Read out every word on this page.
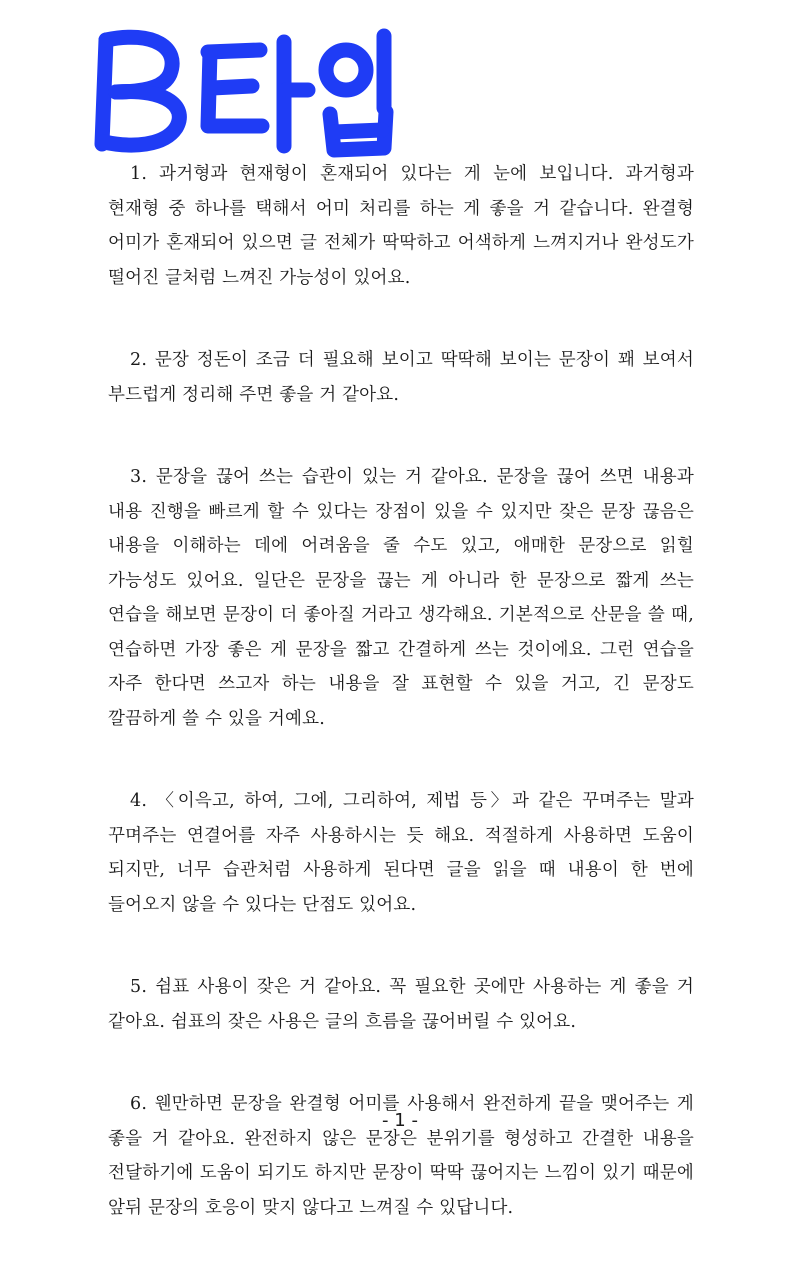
1. 과거형과 현재형이 혼재되어 있다는 게 눈에 보입니다. 과거형과 현재형 중 하나를 택해서 어미 처리를 하는 게 좋을 거 같습니다. 완결형 어미가 혼재되어 있으면 글 전체가 딱딱하고 어색하게 느껴지거나 완성도가 떨어진 글처럼 느껴진 가능성이 있어요.

2. 문장 정돈이 조금 더 필요해 보이고 딱딱해 보이는 문장이 꽤 보여서 부드럽게 정리해 주면 좋을 거 같아요.

3. 문장을 끊어 쓰는 습관이 있는 거 같아요. 문장을 끊어 쓰면 내용과 내용 진행을 빠르게 할 수 있다는 장점이 있을 수 있지만 잦은 문장 끊음은 내용을 이해하는 데에 어려움을 줄 수도 있고, 애매한 문장으로 읽힐 가능성도 있어요. 일단은 문장을 끊는 게 아니라 한 문장으로 짧게 쓰는 연습을 해보면 문장이 더 좋아질 거라고 생각해요. 기본적으로 산문을 쓸 때, 연습하면 가장 좋은 게 문장을 짧고 간결하게 쓰는 것이에요. 그런 연습을 자주 한다면 쓰고자 하는 내용을 잘 표현할 수 있을 거고, 긴 문장도 깔끔하게 쓸 수 있을 거예요.

4. 〈이윽고, 하여, 그에, 그리하여, 제법 등〉과 같은 꾸며주는 말과 꾸며주는 연결어를 자주 사용하시는 듯 해요. 적절하게 사용하면 도움이 되지만, 너무 습관처럼 사용하게 된다면 글을 읽을 때 내용이 한 번에 들어오지 않을 수 있다는 단점도 있어요.

5. 쉼표 사용이 잦은 거 같아요. 꼭 필요한 곳에만 사용하는 게 좋을 거 같아요. 쉼표의 잦은 사용은 글의 흐름을 끊어버릴 수 있어요.

6. 웬만하면 문장을 완결형 어미를 사용해서 완전하게 끝을 맺어주는 게 좋을 거 같아요. 완전하지 않은 문장은 분위기를 형성하고 간결한 내용을 전달하기에 도움이 되기도 하지만 문장이 딱딱 끊어지는 느낌이 있기 때문에 앞뒤 문장의 호응이 맞지 않다고 느껴질 수 있답니다.

- 1 -
